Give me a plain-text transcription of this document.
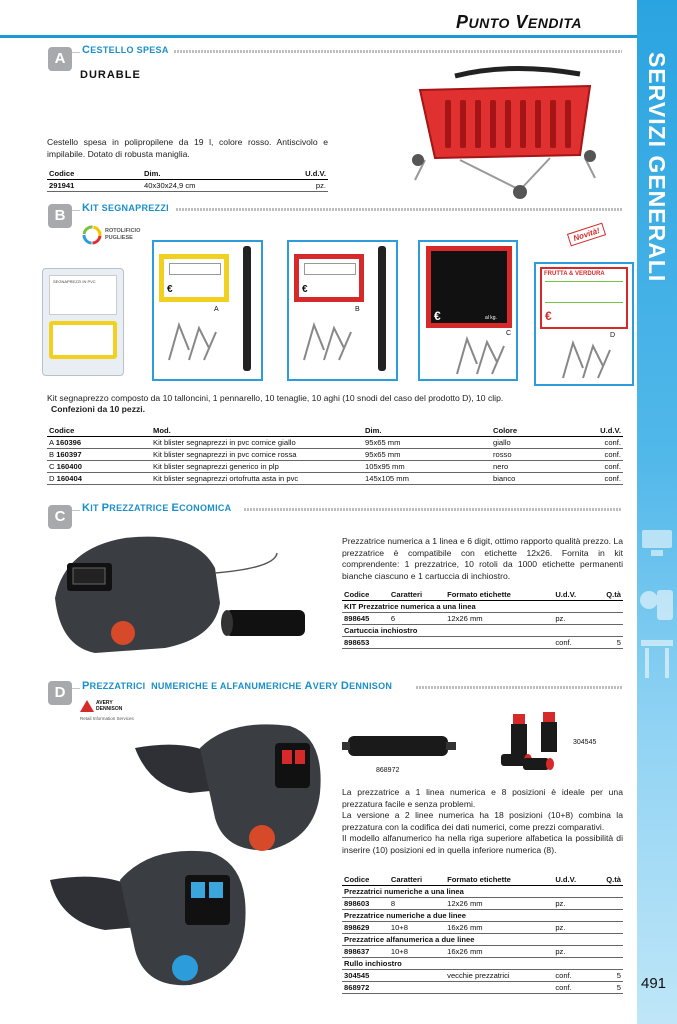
PUNTO VENDITA
SERVIZI GENERALI
A	CESTELLO SPESA
DURABLE
Cestello spesa in polipropilene da 19 l, colore rosso. Antiscivolo e impilabile. Dotato di robusta maniglia.
Codice	Dim.	U.d.V.
291941	40x30x24,9 cm	pz.
B	KIT SEGNAPREZZI
ROTOLIFICIO
PUGLIESE
SEGNAPREZZI IN PVC
€
A
€
B	€	al kg.
C
FRUTTA & VERDURA
€
D
Novità!
Kit segnaprezzo composto da 10 talloncini, 1 pennarello, 10 tenaglie, 10 aghi (10 snodi del caso del prodotto D), 10 clip.
Confezioni da 10 pezzi.
Codice	Mod.	Dim.	Colore	U.d.V.
A 160396	Kit blister segnaprezzi in pvc cornice giallo	95x65 mm	giallo	conf.
B 160397	Kit blister segnaprezzi in pvc cornice rossa	95x65 mm	rosso	conf.
C 160400	Kit blister segnaprezzi generico in plp	105x95 mm	nero	conf.
D 160404	Kit blister segnaprezzi ortofrutta asta in pvc	145x105 mm	bianco	conf.
C	KIT PREZZATRICE ECONOMICA
Prezzatrice numerica a 1 linea e 6 digit, ottimo rapporto qualità prezzo. La prezzatrice è compatibile con etichette 12x26. Fornita in kit comprendente: 1 prezzatrice, 10 rotoli da 1000 etichette permanenti bianche ciascuno e 1 cartuccia di inchiostro.
Codice	Caratteri	Formato etichette	U.d.V.	Q.tà
KIT Prezzatrice numerica a una linea				
898645	6	12x26 mm	pz.	
Cartuccia inchiostro				
898653			conf.	5
D	PREZZATRICI  NUMERICHE E ALFANUMERICHE AVERY DENNISON
AVERY
DENNISON
Retail Information Services
868972
304545
La prezzatrice a 1 linea numerica e 8 posizioni è ideale per una prezzatura facile e senza problemi.
La versione a 2 linee numerica ha 18 posizioni (10+8) combina la prezzatura con la codifica dei dati numerici, come prezzi comparativi.
Il modello alfanumerico ha nella riga superiore alfabetica la possibilità di inserire (10) posizioni ed in quella inferiore numerica (8).
Codice	Caratteri	Formato etichette	U.d.V.	Q.tà
Prezzatrici numeriche a una linea				
898603	8	12x26 mm	pz.	
Prezzatrice numeriche a due linee				
898629	10+8	16x26 mm	pz.	
Prezzatrice alfanumerica a due linee				
898637	10+8	16x26 mm	pz.	
Rullo inchiostro				
304545		vecchie prezzatrici	conf.	5
868972			conf.	5 491
